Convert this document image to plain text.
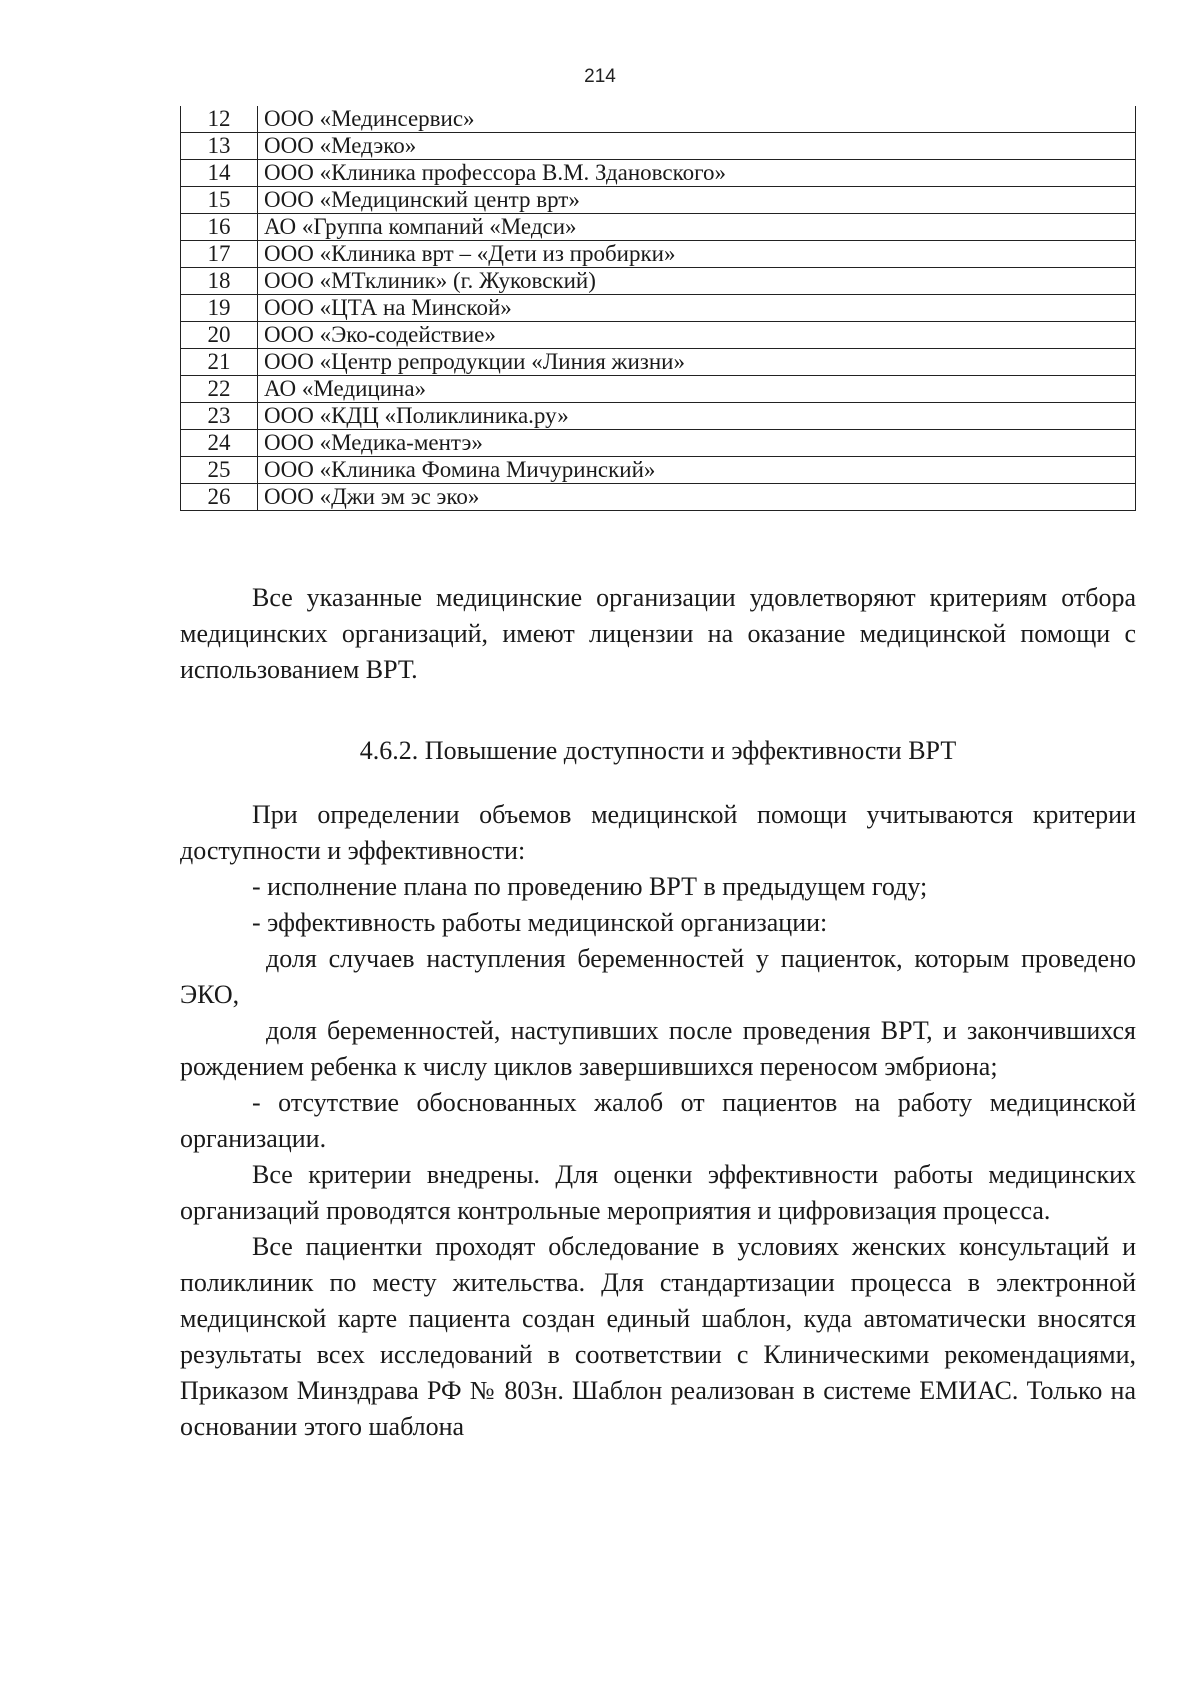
214
12	ООО «Мединсервис»
13	ООО «Медэко»
14	ООО «Клиника профессора В.М. Здановского»
15	ООО «Медицинский центр врт»
16	АО «Группа компаний «Медси»
17	ООО «Клиника врт – «Дети из пробирки»
18	ООО «МТклиник» (г. Жуковский)
19	ООО «ЦТА на Минской»
20	ООО «Эко-содействие»
21	ООО «Центр репродукции «Линия жизни»
22	АО «Медицина»
23	ООО «КДЦ «Поликлиника.ру»
24	ООО «Медика-ментэ»
25	ООО «Клиника Фомина Мичуринский»
26	ООО «Джи эм эс эко»

Все указанные медицинские организации удовлетворяют критериям отбора медицинских организаций, имеют лицензии на оказание медицинской помощи с использованием ВРТ.

4.6.2. Повышение доступности и эффективности ВРТ

При определении объемов медицинской помощи учитываются критерии доступности и эффективности:

- исполнение плана по проведению ВРТ в предыдущем году;

- эффективность работы медицинской организации:

доля случаев наступления беременностей у пациенток, которым проведено ЭКО,

доля беременностей, наступивших после проведения ВРТ, и закончившихся рождением ребенка к числу циклов завершившихся переносом эмбриона;

- отсутствие обоснованных жалоб от пациентов на работу медицинской организации.

Все критерии внедрены. Для оценки эффективности работы медицинских организаций проводятся контрольные мероприятия и цифровизация процесса.

Все пациентки проходят обследование в условиях женских консультаций и поликлиник по месту жительства. Для стандартизации процесса в электронной медицинской карте пациента создан единый шаблон, куда автоматически вносятся результаты всех исследований в соответствии с Клиническими рекомендациями, Приказом Минздрава РФ № 803н. Шаблон реализован в системе ЕМИАС. Только на основании этого шаблона
